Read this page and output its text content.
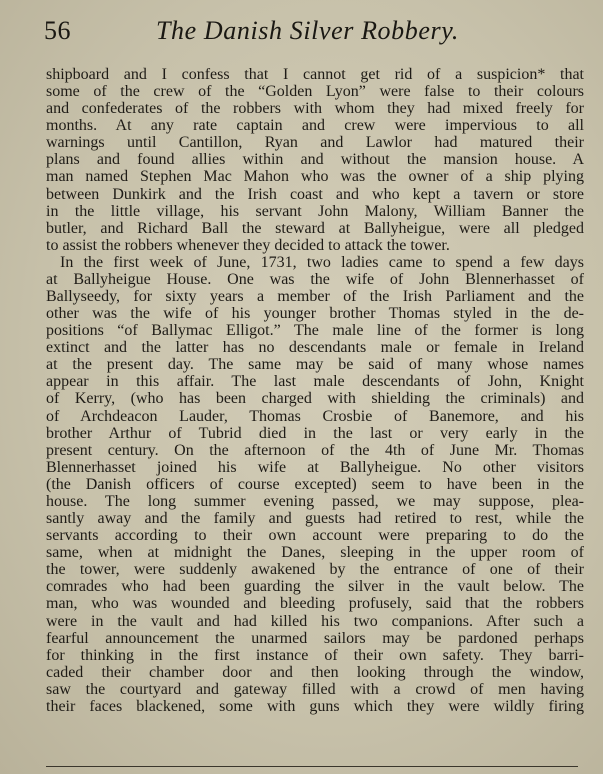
56	The Danish Silver Robbery.
shipboard and I confess that I cannot get rid of a suspicion* that
some of the crew of the “Golden Lyon” were false to their colours
and confederates of the robbers with whom they had mixed freely for
months. At any rate captain and crew were impervious to all
warnings until Cantillon, Ryan and Lawlor had matured their
plans and found allies within and without the mansion house. A
man named Stephen Mac Mahon who was the owner of a ship plying
between Dunkirk and the Irish coast and who kept a tavern or store
in the little village, his servant John Malony, William Banner the
butler, and Richard Ball the steward at Ballyheigue, were all pledged
to assist the robbers whenever they decided to attack the tower.
In the first week of June, 1731, two ladies came to spend a few days
at Ballyheigue House. One was the wife of John Blennerhasset of
Ballyseedy, for sixty years a member of the Irish Parliament and the
other was the wife of his younger brother Thomas styled in the de-
positions “of Ballymac Elligot.” The male line of the former is long
extinct and the latter has no descendants male or female in Ireland
at the present day. The same may be said of many whose names
appear in this affair. The last male descendants of John, Knight
of Kerry, (who has been charged with shielding the criminals) and
of Archdeacon Lauder, Thomas Crosbie of Banemore, and his
brother Arthur of Tubrid died in the last or very early in the
present century. On the afternoon of the 4th of June Mr. Thomas
Blennerhasset joined his wife at Ballyheigue. No other visitors
(the Danish officers of course excepted) seem to have been in the
house. The long summer evening passed, we may suppose, plea-
santly away and the family and guests had retired to rest, while the
servants according to their own account were preparing to do the
same, when at midnight the Danes, sleeping in the upper room of
the tower, were suddenly awakened by the entrance of one of their
comrades who had been guarding the silver in the vault below. The
man, who was wounded and bleeding profusely, said that the robbers
were in the vault and had killed his two companions. After such a
fearful announcement the unarmed sailors may be pardoned perhaps
for thinking in the first instance of their own safety. They barri-
caded their chamber door and then looking through the window,
saw the courtyard and gateway filled with a crowd of men having
their faces blackened, some with guns which they were wildly firing
